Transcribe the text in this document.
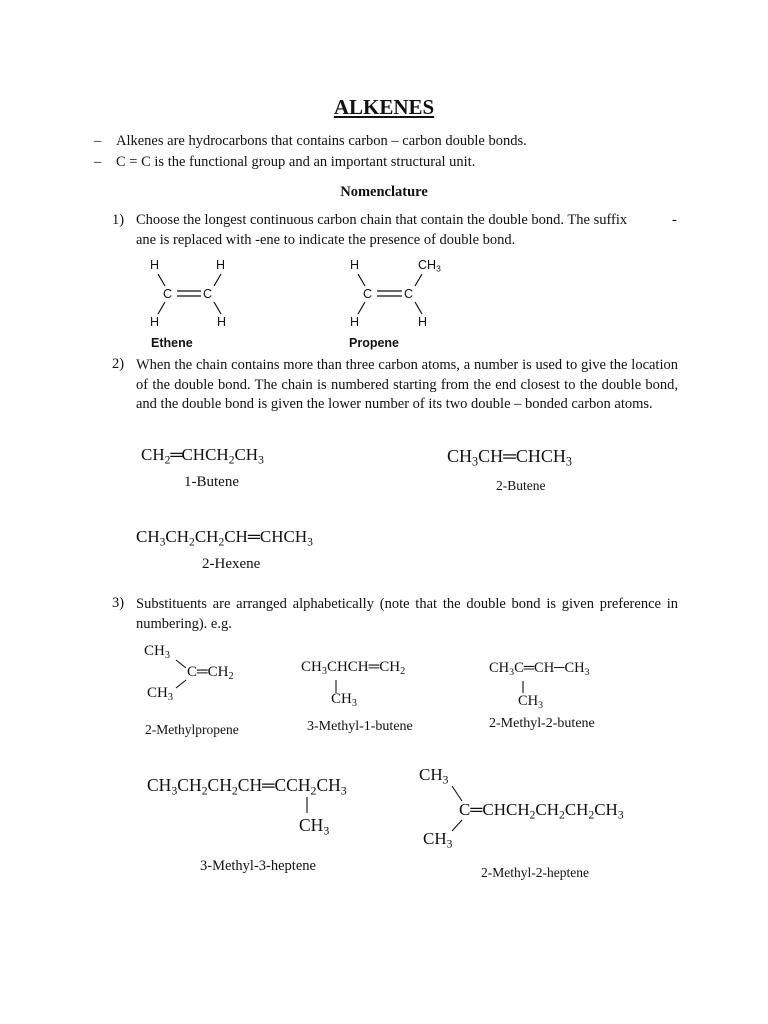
ALKENES
– Alkenes are hydrocarbons that contains carbon – carbon double bonds.
– C = C is the functional group and an important structural unit.
Nomenclature
1) Choose the longest continuous carbon chain that contain the double bond. The suffix	-
ane is replaced with -ene to indicate the presence of double bond.
H	H
C C
H	H
Ethene
H	$CH_3$
C	C
H	H
Propene
2) When the chain contains more than three carbon atoms, a number is used to give the location of the double bond. The chain is numbered starting from the end closest to the double bond, and the double bond is given the lower number of its two double – bonded carbon atoms.
$CH_2═CHCH_2CH_3$
1-Butene
$CH_3CH═CHCH_3$
2-Butene
$CH_3CH_2CH_2CH═CHCH_3$
2-Hexene
3) Substituents are arranged alphabetically (note that the double bond is given preference in numbering). e.g.
$CH_3$
$C═CH_2$
$CH_3$
2-Methylpropene
$CH_3CHCH═CH_2$
$CH_3$
3-Methyl-1-butene
$CH_3C═CH─CH_3$
$CH_3$
2-Methyl-2-butene
$CH_3CH_2CH_2CH═CCH_2CH_3$
$CH_3$
3-Methyl-3-heptene
$CH_3$
$C═CHCH_2CH_2CH_2CH_3$
$CH_3$
2-Methyl-2-heptene
